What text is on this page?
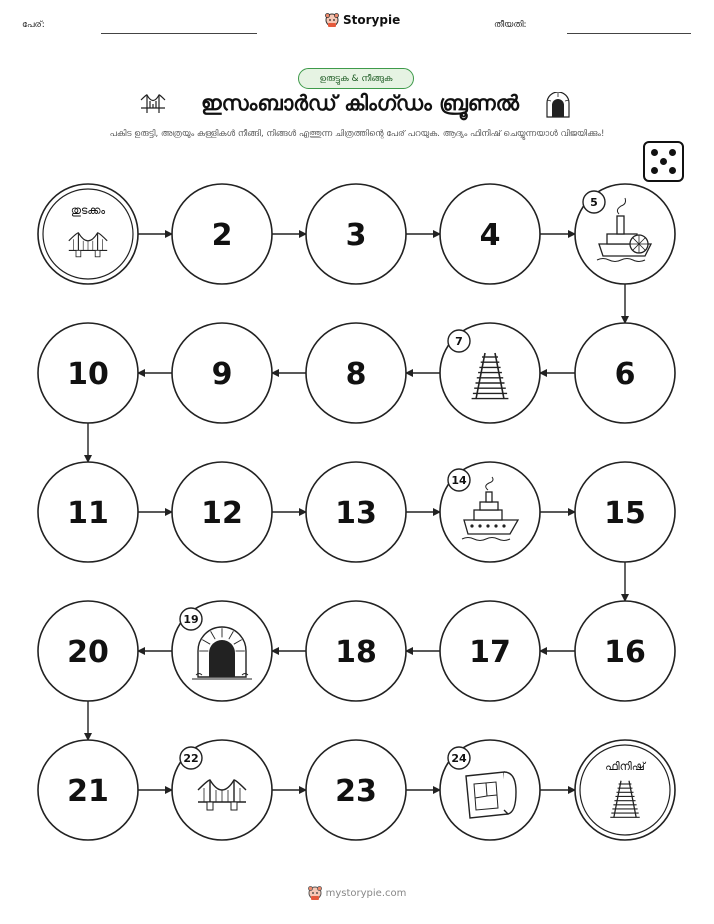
പേര്:	Storypie	തീയതി:
ഉരുട്ടുക & നീങ്ങുക
ഇസംബാർഡ് കിംഗ്ഡം ബ്രൂണൽ
പകിട ഉരുട്ടി, അത്രയും കള്ളികൾ നീങ്ങി, നിങ്ങൾ എത്തുന്ന ചിത്രത്തിന്റെ പേര് പറയുക. ആദ്യം ഫിനിഷ് ചെയ്യുന്നയാൾ വിജയിക്കും!
തുടക്കം
2	3	4
5
6
7
8
9
10
11	12	13
14
15
16
17
18
19
20
21
22
23
24
ഫിനിഷ്
mystorypie.com
